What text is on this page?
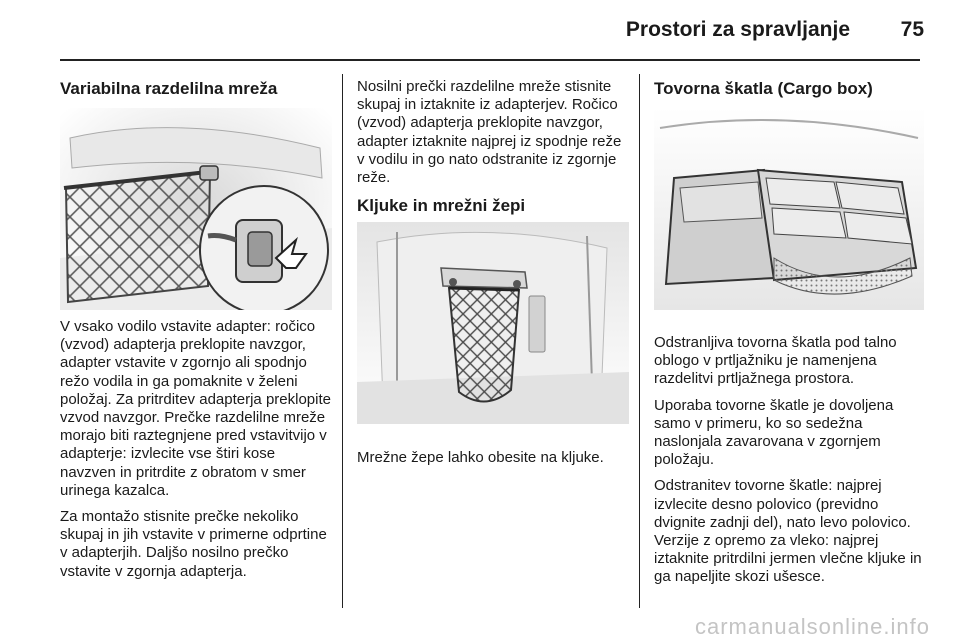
Prostori za spravljanje	75
Variabilna razdelilna mreža

V vsako vodilo vstavite adapter: ročico (vzvod) adapterja preklopite navzgor, adapter vstavite v zgornjo ali spodnjo režo vodila in ga pomaknite v želeni položaj. Za pritrditev adapterja preklopite vzvod navzgor. Prečke razdelilne mreže morajo biti raztegnjene pred vstavitvijo v adapterje: izvlecite vse štiri kose navzven in pritrdite z obratom v smer urinega kazalca.

Za montažo stisnite prečke nekoliko skupaj in jih vstavite v primerne odprtine v adapterjih. Daljšo nosilno prečko vstavite v zgornja adapterja.

Nosilni prečki razdelilne mreže stisnite skupaj in iztaknite iz adapterjev. Ročico (vzvod) adapterja preklopite navzgor, adapter iztaknite najprej iz spodnje reže v vodilu in go nato odstranite iz zgornje reže.

Kljuke in mrežni žepi

Mrežne žepe lahko obesite na kljuke.

Tovorna škatla (Cargo box)

Odstranljiva tovorna škatla pod talno oblogo v prtljažniku je namenjena razdelitvi prtljažnega prostora.

Uporaba tovorne škatle je dovoljena samo v primeru, ko so sedežna naslonjala zavarovana v zgornjem položaju.

Odstranitev tovorne škatle: najprej izvlecite desno polovico (previdno dvignite zadnji del), nato levo polovico. Verzije z opremo za vleko: najprej iztaknite pritrdilni jermen vlečne kljuke in ga napeljite skozi ušesce.

carmanualsonline.info
